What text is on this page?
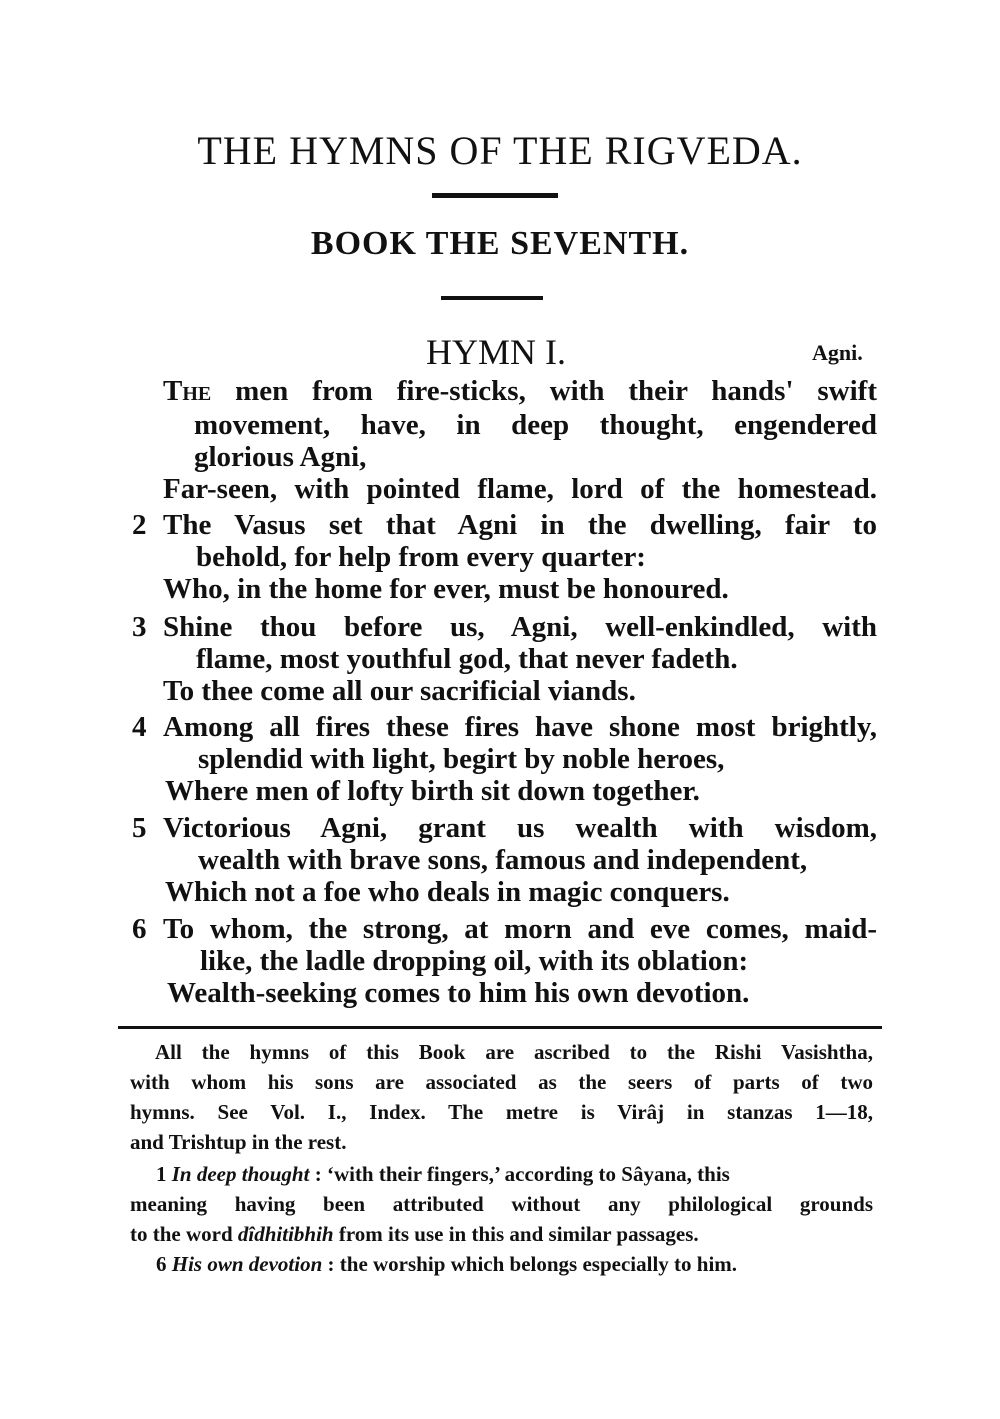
THE HYMNS OF THE RIGVEDA.
BOOK THE SEVENTH.
HYMN I.	Agni.
The men from fire-sticks, with their hands' swift
movement, have, in deep thought, engendered
glorious Agni,
Far-seen, with pointed flame, lord of the homestead.
2 The Vasus set that Agni in the dwelling, fair to
behold, for help from every quarter:
Who, in the home for ever, must be honoured.
3 Shine thou before us, Agni, well-enkindled, with
flame, most youthful god, that never fadeth.
To thee come all our sacrificial viands.
4 Among all fires these fires have shone most brightly,
splendid with light, begirt by noble heroes,
Where men of lofty birth sit down together.
5 Victorious Agni, grant us wealth with wisdom,
wealth with brave sons, famous and independent,
Which not a foe who deals in magic conquers.
6 To whom, the strong, at morn and eve comes, maid-
like, the ladle dropping oil, with its oblation:
Wealth-seeking comes to him his own devotion.
All the hymns of this Book are ascribed to the Rishi Vasishtha,
with whom his sons are associated as the seers of parts of two
hymns. See Vol. I., Index. The metre is Virâj in stanzas 1—18,
and Trishtup in the rest.
1 In deep thought : ‘with their fingers,’ according to Sâyana, this
meaning having been attributed without any philological grounds
to the word dîdhitibhih from its use in this and similar passages.
6 His own devotion : the worship which belongs especially to him.
